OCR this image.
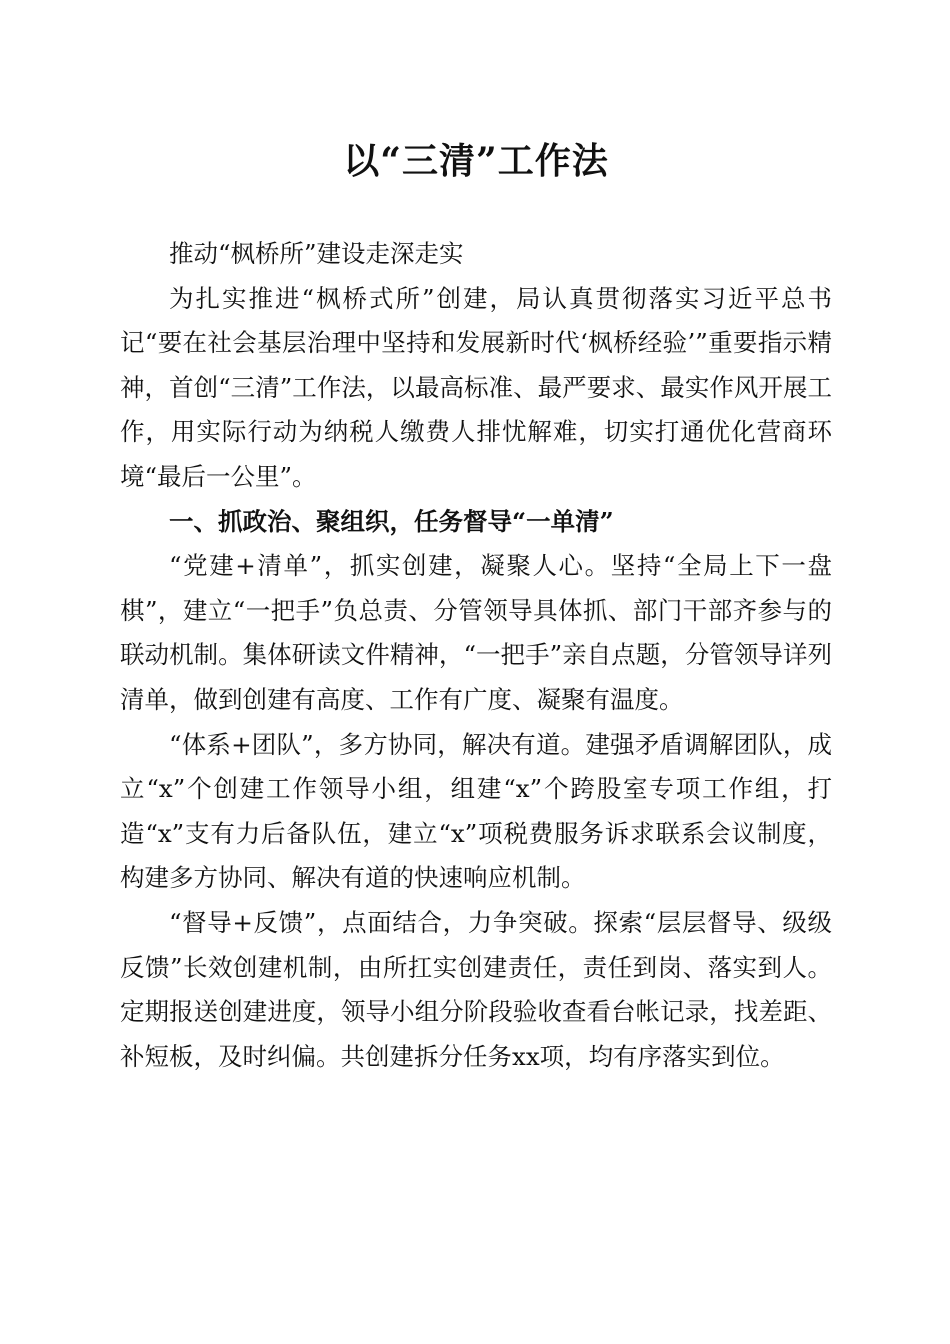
以“三清”工作法

推动“枫桥所”建设走深走实

为扎实推进“枫桥式所”创建，局认真贯彻落实习近平总书记“要在社会基层治理中坚持和发展新时代‘枫桥经验’”重要指示精神，首创“三清”工作法，以最高标准、最严要求、最实作风开展工作，用实际行动为纳税人缴费人排忧解难，切实打通优化营商环境“最后一公里”。

一、抓政治、聚组织，任务督导“一单清”

“党建+清单”，抓实创建，凝聚人心。坚持“全局上下一盘棋”，建立“一把手”负总责、分管领导具体抓、部门干部齐参与的联动机制。集体研读文件精神，“一把手”亲自点题，分管领导详列清单，做到创建有高度、工作有广度、凝聚有温度。

“体系+团队”，多方协同，解决有道。建强矛盾调解团队，成立“x”个创建工作领导小组，组建“x”个跨股室专项工作组，打造“x”支有力后备队伍，建立“x”项税费服务诉求联系会议制度，构建多方协同、解决有道的快速响应机制。

“督导+反馈”，点面结合，力争突破。探索“层层督导、级级反馈”长效创建机制，由所扛实创建责任，责任到岗、落实到人。定期报送创建进度，领导小组分阶段验收查看台帐记录，找差距、补短板，及时纠偏。共创建拆分任务xx项，均有序落实到位。
